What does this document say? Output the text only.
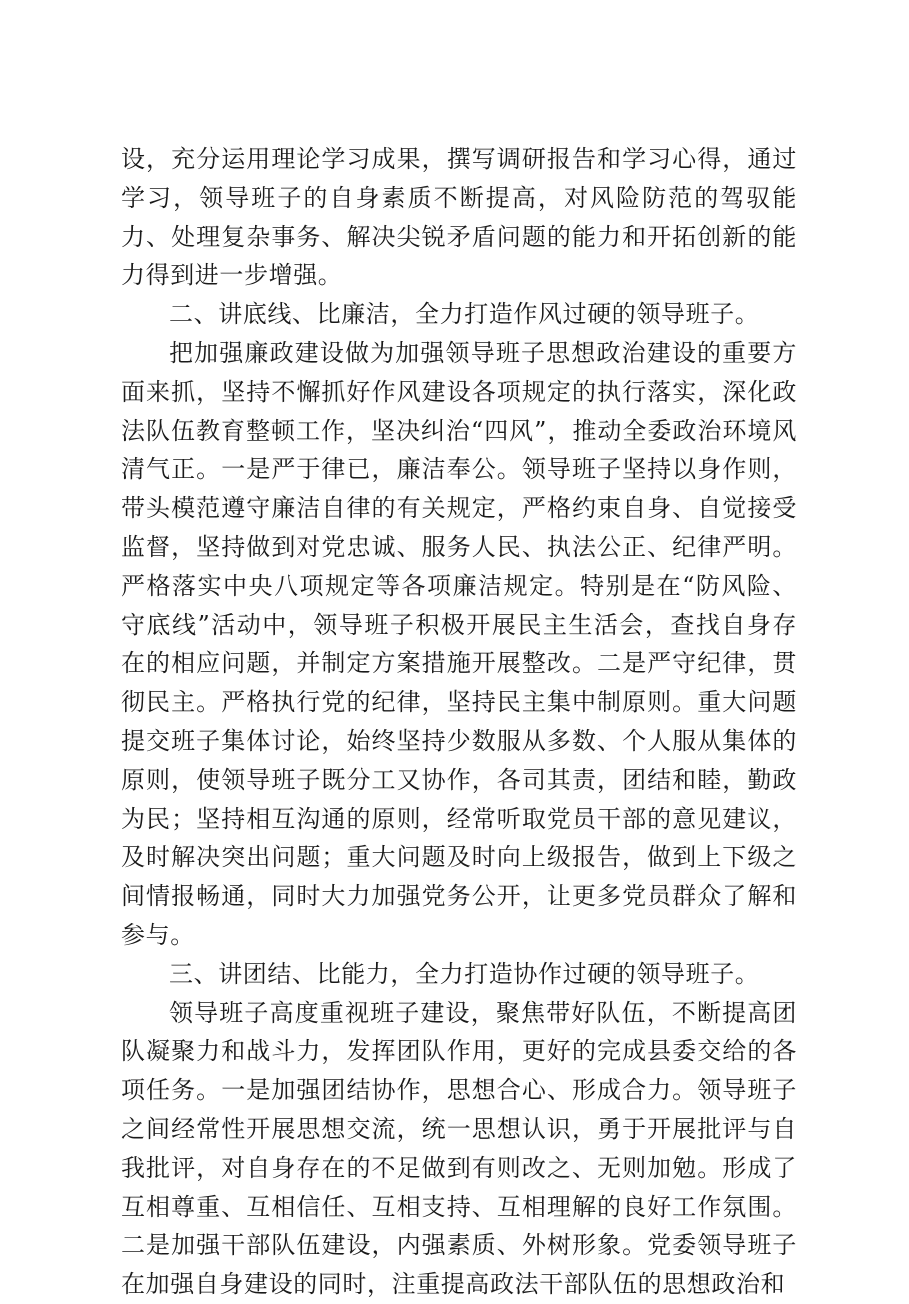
设，充分运用理论学习成果，撰写调研报告和学习心得，通过学习，领导班子的自身素质不断提高，对风险防范的驾驭能力、处理复杂事务、解决尖锐矛盾问题的能力和开拓创新的能力得到进一步增强。

二、讲底线、比廉洁，全力打造作风过硬的领导班子。

把加强廉政建设做为加强领导班子思想政治建设的重要方面来抓，坚持不懈抓好作风建设各项规定的执行落实，深化政法队伍教育整顿工作，坚决纠治“四风”，推动全委政治环境风清气正。一是严于律已，廉洁奉公。领导班子坚持以身作则，带头模范遵守廉洁自律的有关规定，严格约束自身、自觉接受监督，坚持做到对党忠诚、服务人民、执法公正、纪律严明。严格落实中央八项规定等各项廉洁规定。特别是在“防风险、守底线”活动中，领导班子积极开展民主生活会，查找自身存在的相应问题，并制定方案措施开展整改。二是严守纪律，贯彻民主。严格执行党的纪律，坚持民主集中制原则。重大问题提交班子集体讨论，始终坚持少数服从多数、个人服从集体的原则，使领导班子既分工又协作，各司其责，团结和睦，勤政为民；坚持相互沟通的原则，经常听取党员干部的意见建议，及时解决突出问题；重大问题及时向上级报告，做到上下级之间情报畅通，同时大力加强党务公开，让更多党员群众了解和参与。

三、讲团结、比能力，全力打造协作过硬的领导班子。

领导班子高度重视班子建设，聚焦带好队伍，不断提高团队凝聚力和战斗力，发挥团队作用，更好的完成县委交给的各项任务。一是加强团结协作，思想合心、形成合力。领导班子之间经常性开展思想交流，统一思想认识，勇于开展批评与自我批评，对自身存在的不足做到有则改之、无则加勉。形成了互相尊重、互相信任、互相支持、互相理解的良好工作氛围。二是加强干部队伍建设，内强素质、外树形象。党委领导班子在加强自身建设的同时，注重提高政法干部队伍的思想政治和
